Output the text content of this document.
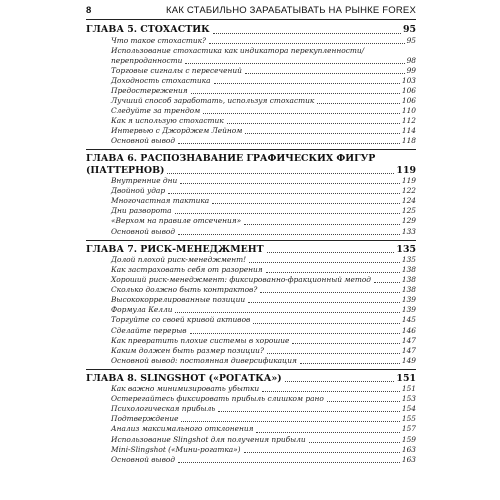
8	КАК СТАБИЛЬНО ЗАРАБАТЫВАТЬ НА РЫНКЕ FOREX
ГЛАВА 5. СТОХАСТИК	95
Что такое стохастик?	95
Использование стохастика как индикатора перекупленности/
перепроданности	98
Торговые сигналы с пересечений	99
Доходность стохастика	103
Предостережения	106
Лучший способ заработать, используя стохастик	106
Следуйте за трендом	110
Как я использую стохастик	112
Интервью с Джорджем Лейном	114
Основной вывод	118
ГЛАВА 6. РАСПОЗНАВАНИЕ ГРАФИЧЕСКИХ ФИГУР
(ПАТТЕРНОВ)	119
Внутренние дни	119
Двойной удар	122
Многочастная тактика	124
Дни разворота	125
«Верхом на правиле отсечения»	129
Основной вывод	133
ГЛАВА 7. РИСК-МЕНЕДЖМЕНТ	135
Долой плохой риск-менеджмент!	135
Как застраховать себя от разорения	138
Хороший риск-менеджмент: фиксированно-фракционный метод	138
Сколько должно быть контрактов?	138
Высококоррелированные позиции	139
Формула Келли	139
Торгуйте со своей кривой активов	145
Сделайте перерыв	146
Как превратить плохие системы в хорошие	147
Каким должен быть размер позиции?	147
Основной вывод: постоянная диверсификация	149
ГЛАВА 8. SLINGSHOT («РОГАТКА»)	151
Как важно минимизировать убытки	151
Остерегайтесь фиксировать прибыль слишком рано	153
Психологическая прибыль	154
Подтверждение	155
Анализ максимального отклонения	157
Использование Slingshot для получения прибыли	159
Mini-Slingshot («Мини-рогатка»)	163
Основной вывод	163
